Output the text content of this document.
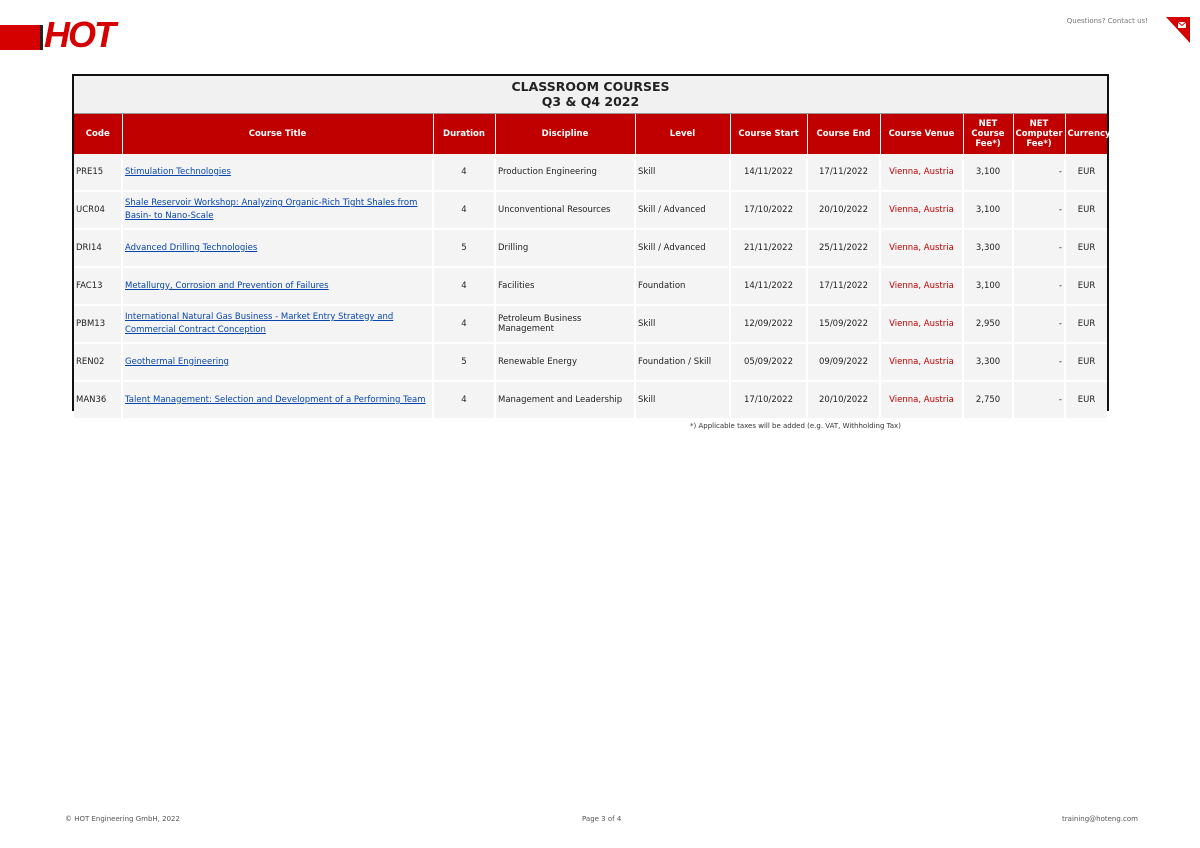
HOT	Questions? Contact us!
CLASSROOM COURSES
Q3 & Q4 2022
Code	Course Title	Duration	Discipline	Level	Course Start	Course End	Course Venue	NET Course Fee*)	NET Computer Fee*)	Currency
PRE15	Stimulation Technologies	4	Production Engineering	Skill	14/11/2022	17/11/2022	Vienna, Austria	3,100	-	EUR
UCR04	Shale Reservoir Workshop: Analyzing Organic-Rich Tight Shales from Basin- to Nano-Scale	4	Unconventional Resources	Skill / Advanced	17/10/2022	20/10/2022	Vienna, Austria	3,100	-	EUR
DRI14	Advanced Drilling Technologies	5	Drilling	Skill / Advanced	21/11/2022	25/11/2022	Vienna, Austria	3,300	-	EUR
FAC13	Metallurgy, Corrosion and Prevention of Failures	4	Facilities	Foundation	14/11/2022	17/11/2022	Vienna, Austria	3,100	-	EUR
PBM13	International Natural Gas Business - Market Entry Strategy and Commercial Contract Conception	4	Petroleum Business Management	Skill	12/09/2022	15/09/2022	Vienna, Austria	2,950	-	EUR
REN02	Geothermal Engineering	5	Renewable Energy	Foundation / Skill	05/09/2022	09/09/2022	Vienna, Austria	3,300	-	EUR
MAN36	Talent Management: Selection and Development of a Performing Team	4	Management and Leadership	Skill	17/10/2022	20/10/2022	Vienna, Austria	2,750	-	EUR
*) Applicable taxes will be added (e.g. VAT, Withholding Tax)
© HOT Engineering GmbH, 2022	Page 3 of 4	training@hoteng.com
